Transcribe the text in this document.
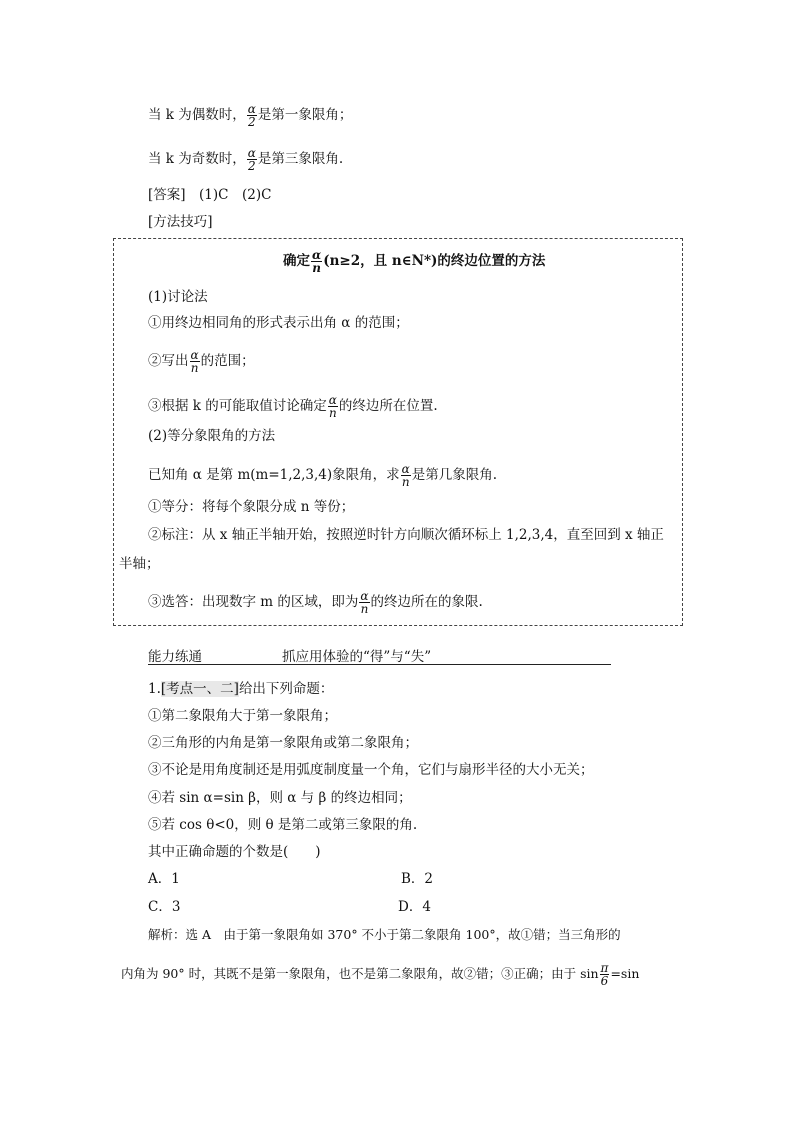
当 k 为偶数时， $\frac{\alpha}{2}$ 是第一象限角；
当 k 为奇数时， $\frac{\alpha}{2}$ 是第三象限角.
[答案]　(1)C　(2)C
[方法技巧]
确定 $\frac{\alpha}{n} (n\ge 2$，且 n∈N*)的终边位置的方法
(1)讨论法
①用终边相同角的形式表示出角 α 的范围；
②写出 $\frac{\alpha}{n}$ 的范围；
③根据 k 的可能取值讨论确定 $\frac{\alpha}{n}$ 的终边所在位置.
(2)等分象限角的方法
已知角 α 是第 m(m=1,2,3,4)象限角，求 $\frac{\alpha}{n}$ 是第几象限角.
①等分：将每个象限分成 n 等份；
②标注：从 x 轴正半轴开始，按照逆时针方向顺次循环标上 1,2,3,4，直至回到 x 轴正
半轴；
③选答：出现数字 m 的区域，即为 $\frac{\alpha}{n}$ 的终边所在的象限.
能力练通	抓应用体验的“得”与“失”
1.[考点一、二]给出下列命题：
①第二象限角大于第一象限角；
②三角形的内角是第一象限角或第二象限角；
③不论是用角度制还是用弧度制度量一个角，它们与扇形半径的大小无关；
④若 sin α=sin β，则 α 与 β 的终边相同；
⑤若 cos θ<0，则 θ 是第二或第三象限的角.
其中正确命题的个数是(　　)
A．1	B．2
C．3	D．4
解析：选 A　由于第一象限角如 370° 不小于第二象限角 100°，故①错；当三角形的
内角为 90° 时，其既不是第一象限角，也不是第二象限角，故②错；③正确；由于 $\sin \frac{\pi}{6} =\sin$
